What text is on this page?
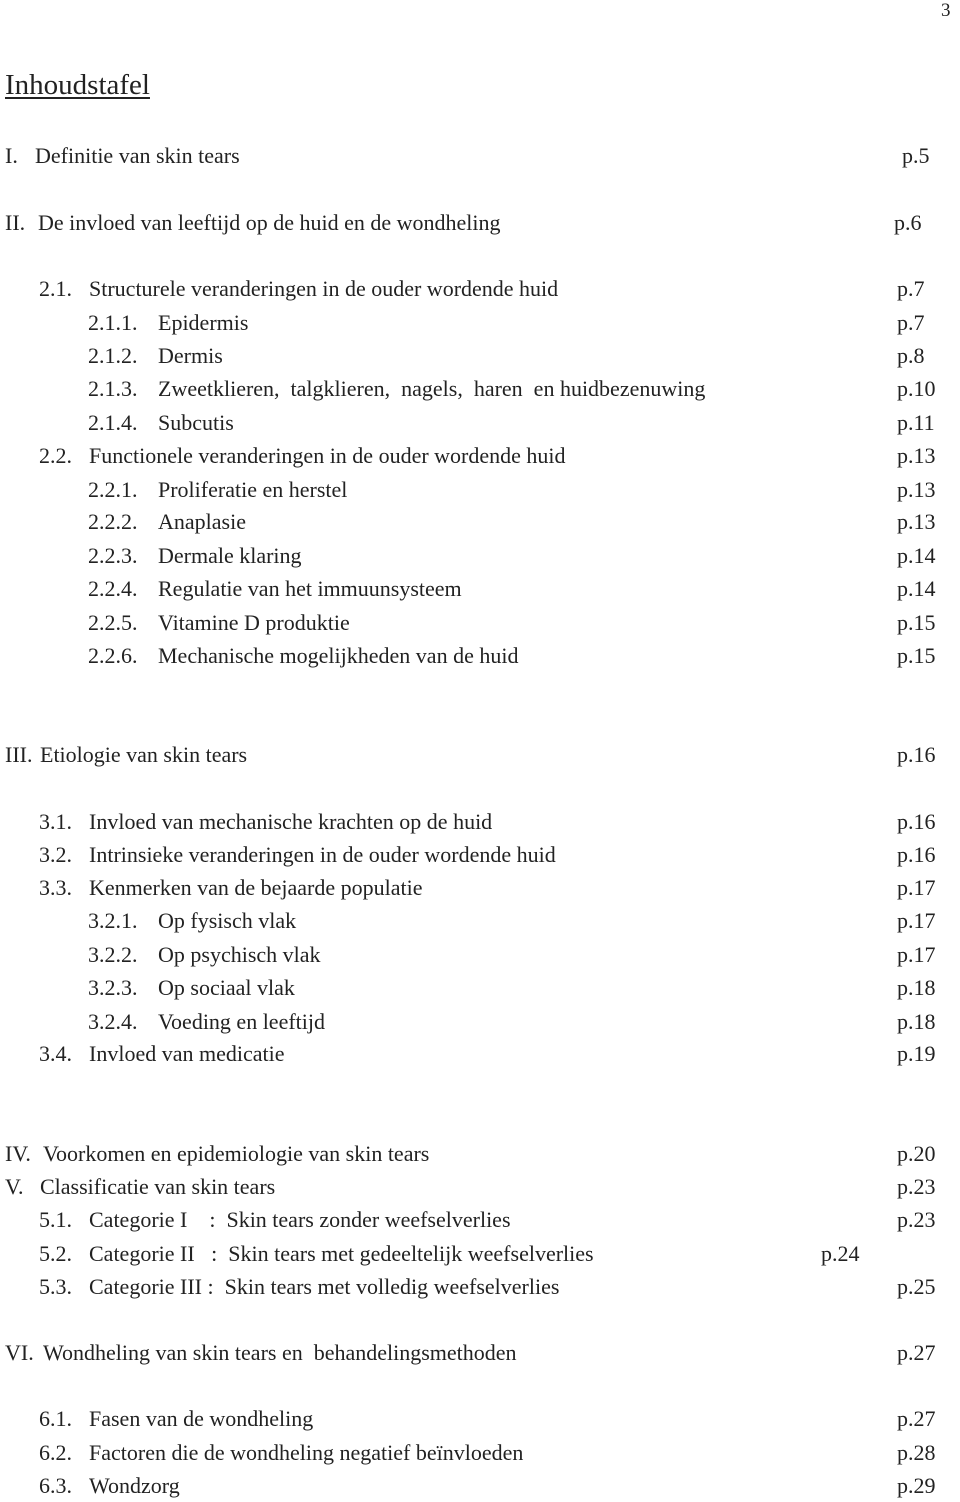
3
Inhoudstafel
I. Definitie van skin tears	p.5
II. De invloed van leeftijd op de huid en de wondheling	p.6
2.1. Structurele veranderingen in de ouder wordende huid	p.7
2.1.1. Epidermis	p.7
2.1.2. Dermis	p.8
2.1.3. Zweetklieren,  talgklieren,  nagels,  haren  en huidbezenuwing	p.10
2.1.4. Subcutis	p.11
2.2. Functionele veranderingen in de ouder wordende huid	p.13
2.2.1. Proliferatie en herstel	p.13
2.2.2. Anaplasie	p.13
2.2.3. Dermale klaring	p.14
2.2.4. Regulatie van het immuunsysteem	p.14
2.2.5. Vitamine D produktie	p.15
2.2.6. Mechanische mogelijkheden van de huid	p.15
III. Etiologie van skin tears	p.16
3.1. Invloed van mechanische krachten op de huid	p.16
3.2. Intrinsieke veranderingen in de ouder wordende huid	p.16
3.3. Kenmerken van de bejaarde populatie	p.17
3.2.1. Op fysisch vlak	p.17
3.2.2. Op psychisch vlak	p.17
3.2.3. Op sociaal vlak	p.18
3.2.4. Voeding en leeftijd	p.18
3.4. Invloed van medicatie	p.19
IV. Voorkomen en epidemiologie van skin tears	p.20
V. Classificatie van skin tears	p.23
5.1. Categorie I    :  Skin tears zonder weefselverlies	p.23
5.2. Categorie II   :  Skin tears met gedeeltelijk weefselverlies	p.24
5.3. Categorie III :  Skin tears met volledig weefselverlies	p.25
VI. Wondheling van skin tears en  behandelingsmethoden	p.27
6.1. Fasen van de wondheling	p.27
6.2. Factoren die de wondheling negatief beïnvloeden	p.28
6.3. Wondzorg	p.29
